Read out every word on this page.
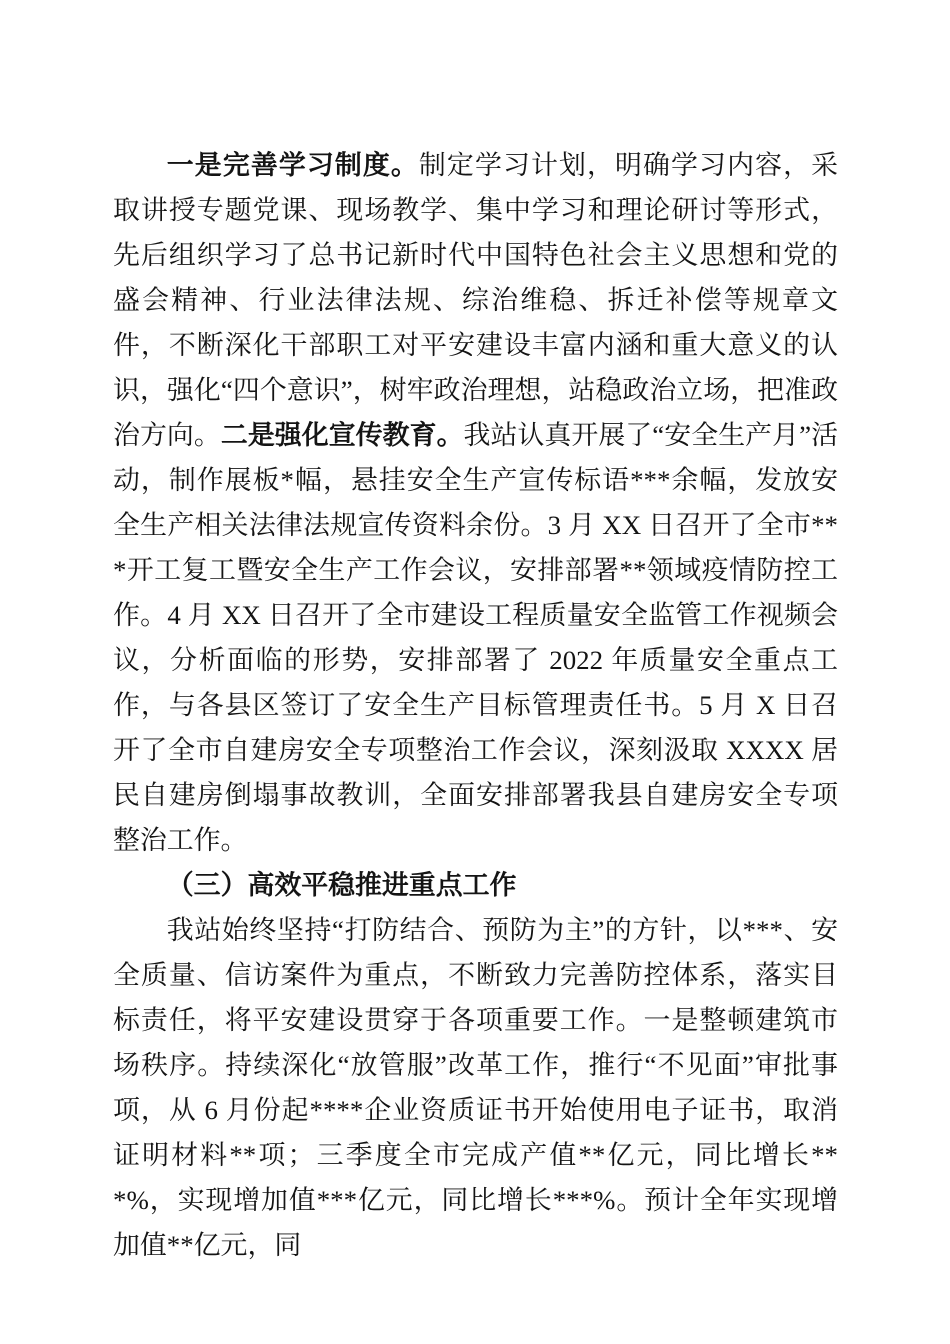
一是完善学习制度。制定学习计划，明确学习内容，采取讲授专题党课、现场教学、集中学习和理论研讨等形式，先后组织学习了总书记新时代中国特色社会主义思想和党的盛会精神、行业法律法规、综治维稳、拆迁补偿等规章文件，不断深化干部职工对平安建设丰富内涵和重大意义的认识，强化“四个意识”，树牢政治理想，站稳政治立场，把准政治方向。二是强化宣传教育。我站认真开展了“安全生产月”活动，制作展板*幅，悬挂安全生产宣传标语***余幅，发放安全生产相关法律法规宣传资料余份。3 月 XX 日召开了全市***开工复工暨安全生产工作会议，安排部署**领域疫情防控工作。4 月 XX 日召开了全市建设工程质量安全监管工作视频会议，分析面临的形势，安排部署了 2022 年质量安全重点工作，与各县区签订了安全生产目标管理责任书。5 月 X 日召开了全市自建房安全专项整治工作会议，深刻汲取 XXXX 居民自建房倒塌事故教训，全面安排部署我县自建房安全专项整治工作。

（三）高效平稳推进重点工作

我站始终坚持“打防结合、预防为主”的方针，以***、安全质量、信访案件为重点，不断致力完善防控体系，落实目标责任，将平安建设贯穿于各项重要工作。一是整顿建筑市场秩序。持续深化“放管服”改革工作，推行“不见面”审批事项，从 6 月份起****企业资质证书开始使用电子证书，取消证明材料**项；三季度全市完成产值**亿元，同比增长***%，实现增加值***亿元，同比增长***%。预计全年实现增加值**亿元，同
